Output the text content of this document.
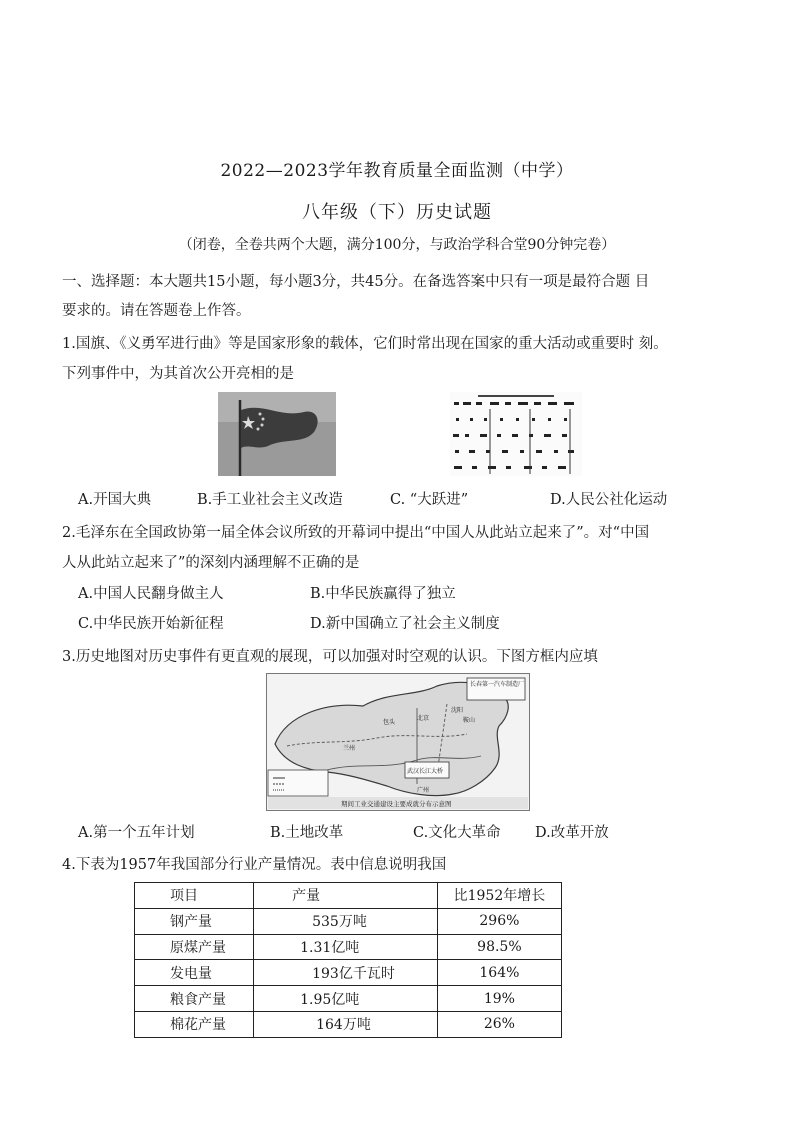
2022—2023学年教育质量全面监测（中学）
八年级（下）历史试题
（闭卷，全卷共两个大题，满分100分，与政治学科合堂90分钟完卷）
一、选择题：本大题共15小题，每小题3分，共45分。在备选答案中只有一项是最符合题 目
要求的。请在答题卷上作答。
1.国旗、《义勇军进行曲》等是国家形象的载体，它们时常出现在国家的重大活动或重要时 刻。
下列事件中，为其首次公开亮相的是
A.开国大典	B.手工业社会主义改造	C. “大跃进”	D.人民公社化运动
2.毛泽东在全国政协第一届全体会议所致的开幕词中提出“中国人从此站立起来了”。对“中国
人从此站立起来了”的深刻内涵理解不正确的是
A.中国人民翻身做主人	B.中华民族赢得了独立
C.中华民族开始新征程	D.新中国确立了社会主义制度
3.历史地图对历史事件有更直观的展现，可以加强对时空观的认识。下图方框内应填
长春第一汽车制造厂
沈阳
鞍山
北京
武汉长江大桥
兰州
包头
广州
期间工业交通建设主要成就分布示意图
A.第一个五年计划	B.土地改革	C.文化大革命 D.改革开放
4.下表为1957年我国部分行业产量情况。表中信息说明我国
项目	产量	比1952年增长
钢产量	535万吨	296%
原煤产量	1.31亿吨	98.5%
发电量	193亿千瓦时	164%
粮食产量	1.95亿吨	19%
棉花产量	164万吨	26%
